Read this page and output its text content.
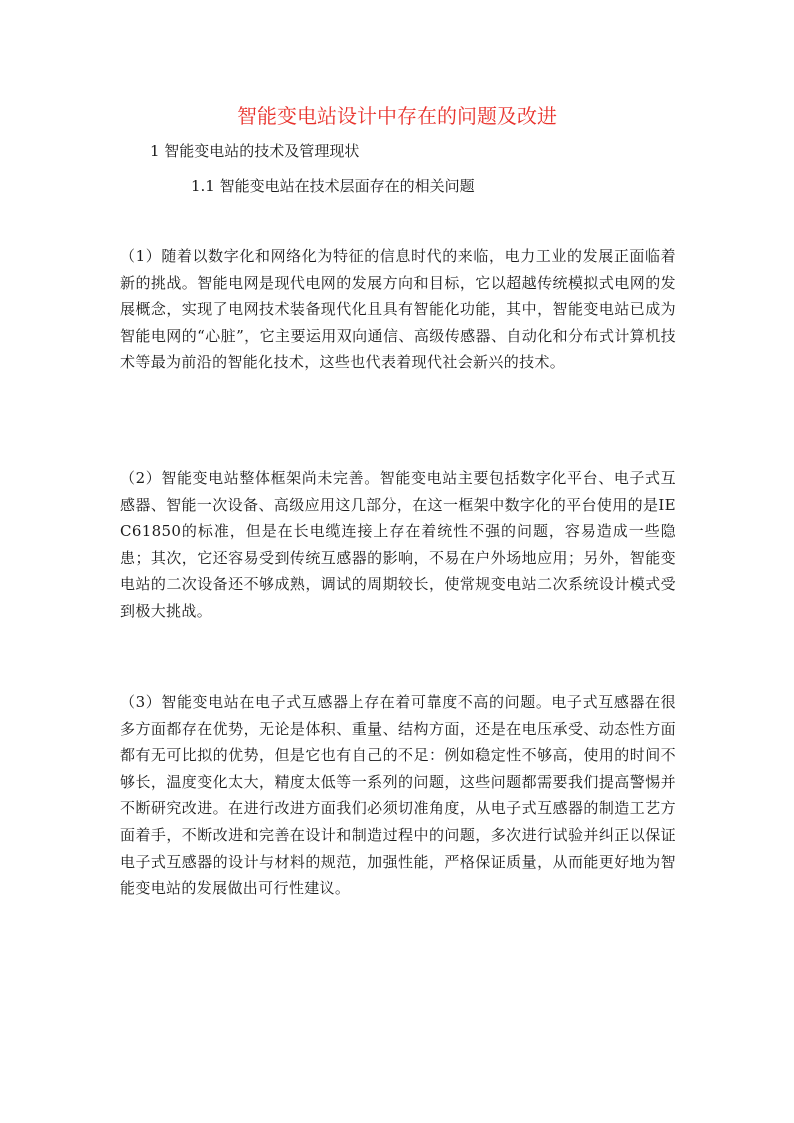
智能变电站设计中存在的问题及改进
1 智能变电站的技术及管理现状
1.1 智能变电站在技术层面存在的相关问题

（1）随着以数字化和网络化为特征的信息时代的来临，电力工业的发展正面临着新的挑战。智能电网是现代电网的发展方向和目标，它以超越传统模拟式电网的发展概念，实现了电网技术装备现代化且具有智能化功能，其中，智能变电站已成为智能电网的“心脏”，它主要运用双向通信、高级传感器、自动化和分布式计算机技术等最为前沿的智能化技术，这些也代表着现代社会新兴的技术。

（2）智能变电站整体框架尚未完善。智能变电站主要包括数字化平台、电子式互感器、智能一次设备、高级应用这几部分，在这一框架中数字化的平台使用的是IEC61850的标准，但是在长电缆连接上存在着统性不强的问题，容易造成一些隐患；其次，它还容易受到传统互感器的影响，不易在户外场地应用；另外，智能变电站的二次设备还不够成熟，调试的周期较长，使常规变电站二次系统设计模式受到极大挑战。

（3）智能变电站在电子式互感器上存在着可靠度不高的问题。电子式互感器在很多方面都存在优势，无论是体积、重量、结构方面，还是在电压承受、动态性方面都有无可比拟的优势，但是它也有自己的不足：例如稳定性不够高，使用的时间不够长，温度变化太大，精度太低等一系列的问题，这些问题都需要我们提高警惕并不断研究改进。在进行改进方面我们必须切准角度，从电子式互感器的制造工艺方面着手，不断改进和完善在设计和制造过程中的问题，多次进行试验并纠正以保证电子式互感器的设计与材料的规范，加强性能，严格保证质量，从而能更好地为智能变电站的发展做出可行性建议。
